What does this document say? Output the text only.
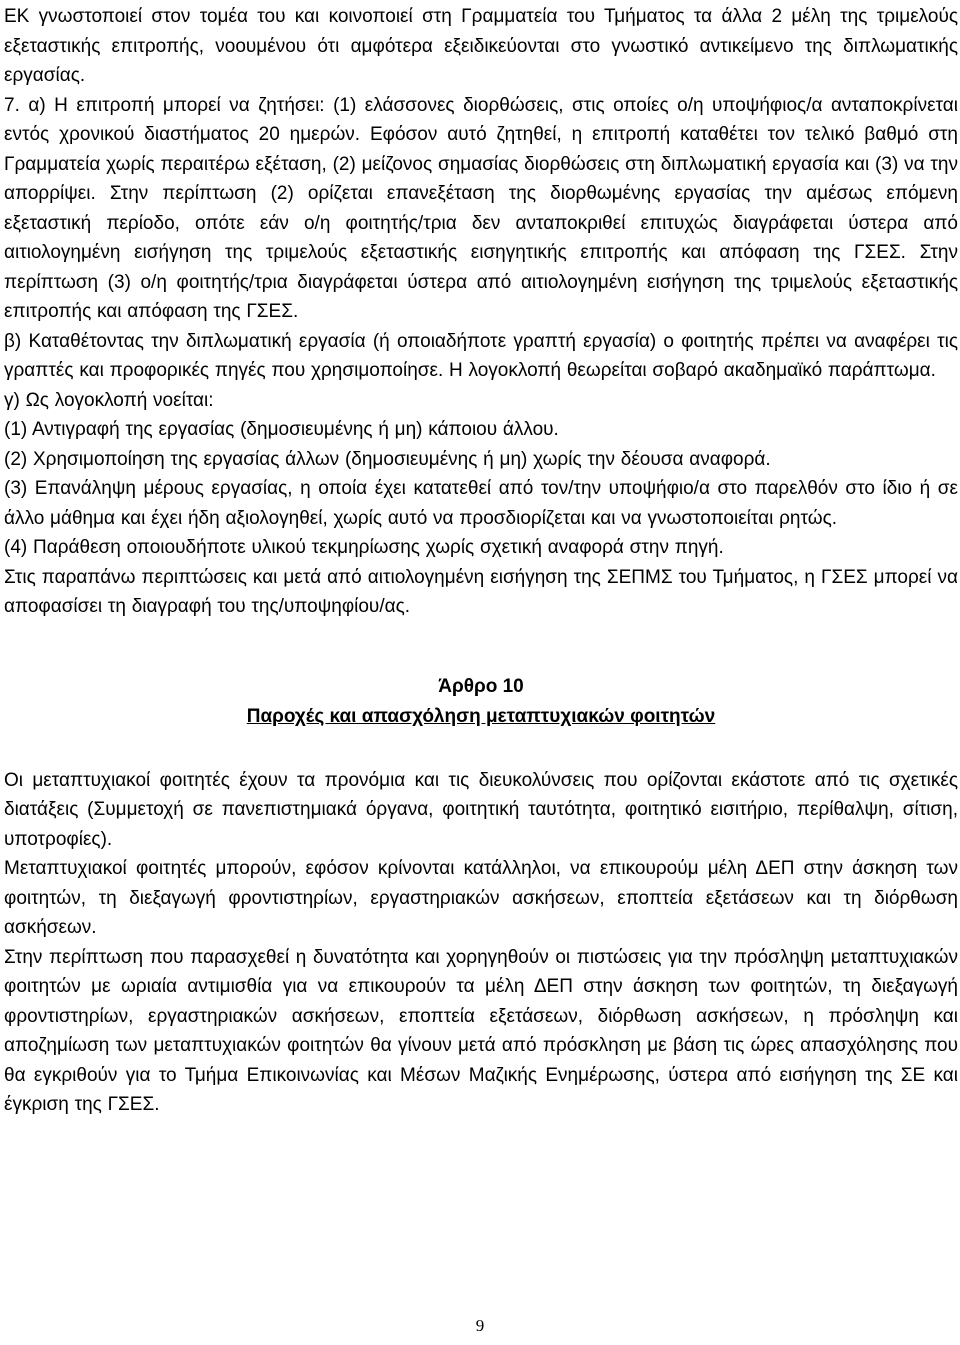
ΕΚ γνωστοποιεί στον τομέα του και κοινοποιεί στη Γραμματεία του Τμήματος τα άλλα 2 μέλη της τριμελούς εξεταστικής επιτροπής, νοουμένου ότι αμφότερα εξειδικεύονται στο γνωστικό αντικείμενο της διπλωματικής εργασίας.

7. α) Η επιτροπή μπορεί να ζητήσει: (1) ελάσσονες διορθώσεις, στις οποίες ο/η υποψήφιος/α ανταποκρίνεται εντός χρονικού διαστήματος 20 ημερών. Εφόσον αυτό ζητηθεί, η επιτροπή καταθέτει τον τελικό βαθμό στη Γραμματεία χωρίς περαιτέρω εξέταση, (2) μείζονος σημασίας διορθώσεις στη διπλωματική εργασία και (3) να την απορρίψει. Στην περίπτωση (2) ορίζεται επανεξέταση της διορθωμένης εργασίας την αμέσως επόμενη εξεταστική περίοδο, οπότε εάν ο/η φοιτητής/τρια δεν ανταποκριθεί επιτυχώς διαγράφεται ύστερα από αιτιολογημένη εισήγηση της τριμελούς εξεταστικής εισηγητικής επιτροπής και απόφαση της ΓΣΕΣ. Στην περίπτωση (3) ο/η φοιτητής/τρια διαγράφεται ύστερα από αιτιολογημένη εισήγηση της τριμελούς εξεταστικής επιτροπής και απόφαση της ΓΣΕΣ.

β) Καταθέτοντας την διπλωματική εργασία (ή οποιαδήποτε γραπτή εργασία) ο φοιτητής πρέπει να αναφέρει τις γραπτές και προφορικές πηγές που χρησιμοποίησε. Η λογοκλοπή θεωρείται σοβαρό ακαδημαϊκό παράπτωμα.

γ) Ως λογοκλοπή νοείται:

(1) Αντιγραφή της εργασίας (δημοσιευμένης ή μη) κάποιου άλλου.

(2) Χρησιμοποίηση της εργασίας άλλων (δημοσιευμένης ή μη) χωρίς την δέουσα αναφορά.

(3) Επανάληψη μέρους εργασίας, η οποία έχει κατατεθεί από τον/την υποψήφιο/α στο παρελθόν στο ίδιο ή σε άλλο μάθημα και έχει ήδη αξιολογηθεί, χωρίς αυτό να προσδιορίζεται και να γνωστοποιείται ρητώς.

(4) Παράθεση οποιουδήποτε υλικού τεκμηρίωσης χωρίς σχετική αναφορά στην πηγή.

Στις παραπάνω περιπτώσεις και μετά από αιτιολογημένη εισήγηση της ΣΕΠΜΣ του Τμήματος, η ΓΣΕΣ μπορεί να αποφασίσει τη διαγραφή του της/υποψηφίου/ας.

Άρθρο 10

Παροχές και απασχόληση μεταπτυχιακών φοιτητών

Οι μεταπτυχιακοί φοιτητές έχουν τα προνόμια και τις διευκολύνσεις που ορίζονται εκάστοτε από τις σχετικές διατάξεις (Συμμετοχή σε πανεπιστημιακά όργανα, φοιτητική ταυτότητα, φοιτητικό εισιτήριο, περίθαλψη, σίτιση, υποτροφίες).

Μεταπτυχιακοί φοιτητές μπορούν, εφόσον κρίνονται κατάλληλοι, να επικουρούμ μέλη ΔΕΠ στην άσκηση των φοιτητών, τη διεξαγωγή φροντιστηρίων, εργαστηριακών ασκήσεων, εποπτεία εξετάσεων και τη διόρθωση ασκήσεων.

Στην περίπτωση που παρασχεθεί η δυνατότητα και χορηγηθούν οι πιστώσεις για την πρόσληψη μεταπτυχιακών φοιτητών με ωριαία αντιμισθία για να επικουρούν τα μέλη ΔΕΠ στην άσκηση των φοιτητών, τη διεξαγωγή φροντιστηρίων, εργαστηριακών ασκήσεων, εποπτεία εξετάσεων, διόρθωση ασκήσεων, η πρόσληψη και αποζημίωση των μεταπτυχιακών φοιτητών θα γίνουν μετά από πρόσκληση με βάση τις ώρες απασχόλησης που θα εγκριθούν για το Τμήμα Επικοινωνίας και Μέσων Μαζικής Ενημέρωσης, ύστερα από εισήγηση της ΣΕ και έγκριση της ΓΣΕΣ.

9
